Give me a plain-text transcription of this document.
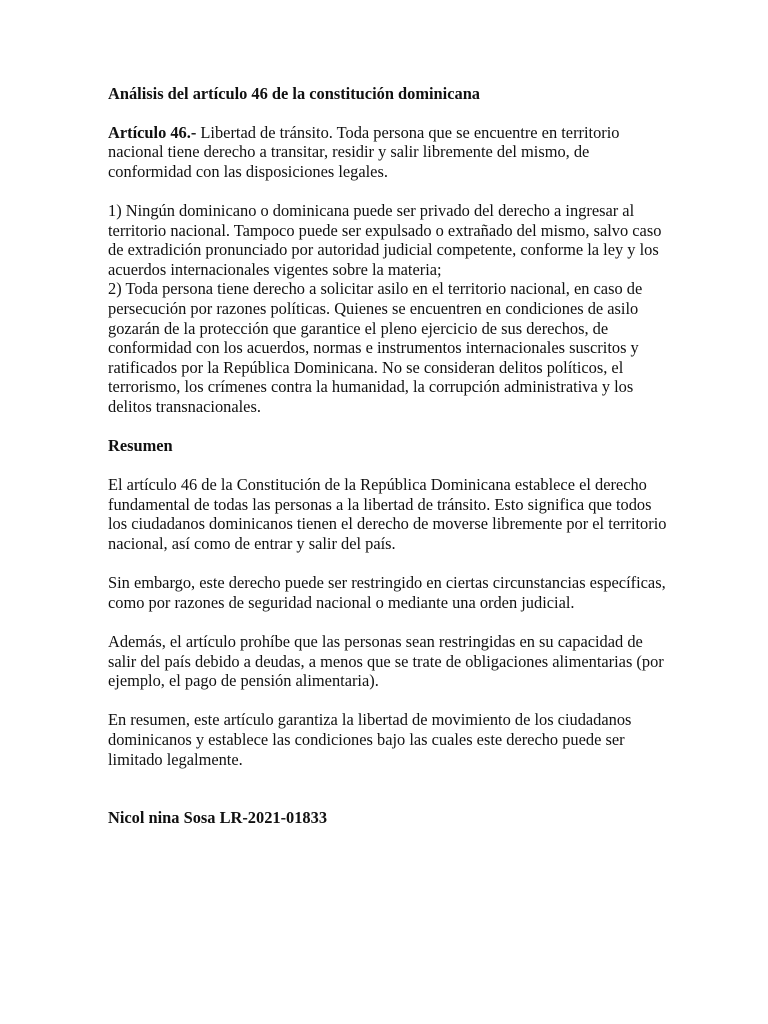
Análisis del artículo 46 de la constitución dominicana

Artículo 46.- Libertad de tránsito. Toda persona que se encuentre en territorio nacional tiene derecho a transitar, residir y salir libremente del mismo, de conformidad con las disposiciones legales.

1) Ningún dominicano o dominicana puede ser privado del derecho a ingresar al territorio nacional. Tampoco puede ser expulsado o extrañado del mismo, salvo caso de extradición pronunciado por autoridad judicial competente, conforme la ley y los acuerdos internacionales vigentes sobre la materia;

2) Toda persona tiene derecho a solicitar asilo en el territorio nacional, en caso de persecución por razones políticas. Quienes se encuentren en condiciones de asilo gozarán de la protección que garantice el pleno ejercicio de sus derechos, de conformidad con los acuerdos, normas e instrumentos internacionales suscritos y ratificados por la República Dominicana. No se consideran delitos políticos, el terrorismo, los crímenes contra la humanidad, la corrupción administrativa y los delitos transnacionales.

Resumen

El artículo 46 de la Constitución de la República Dominicana establece el derecho fundamental de todas las personas a la libertad de tránsito. Esto significa que todos los ciudadanos dominicanos tienen el derecho de moverse libremente por el territorio nacional, así como de entrar y salir del país.

Sin embargo, este derecho puede ser restringido en ciertas circunstancias específicas, como por razones de seguridad nacional o mediante una orden judicial.

Además, el artículo prohíbe que las personas sean restringidas en su capacidad de salir del país debido a deudas, a menos que se trate de obligaciones alimentarias (por ejemplo, el pago de pensión alimentaria).

En resumen, este artículo garantiza la libertad de movimiento de los ciudadanos dominicanos y establece las condiciones bajo las cuales este derecho puede ser limitado legalmente.

Nicol nina Sosa LR-2021-01833
